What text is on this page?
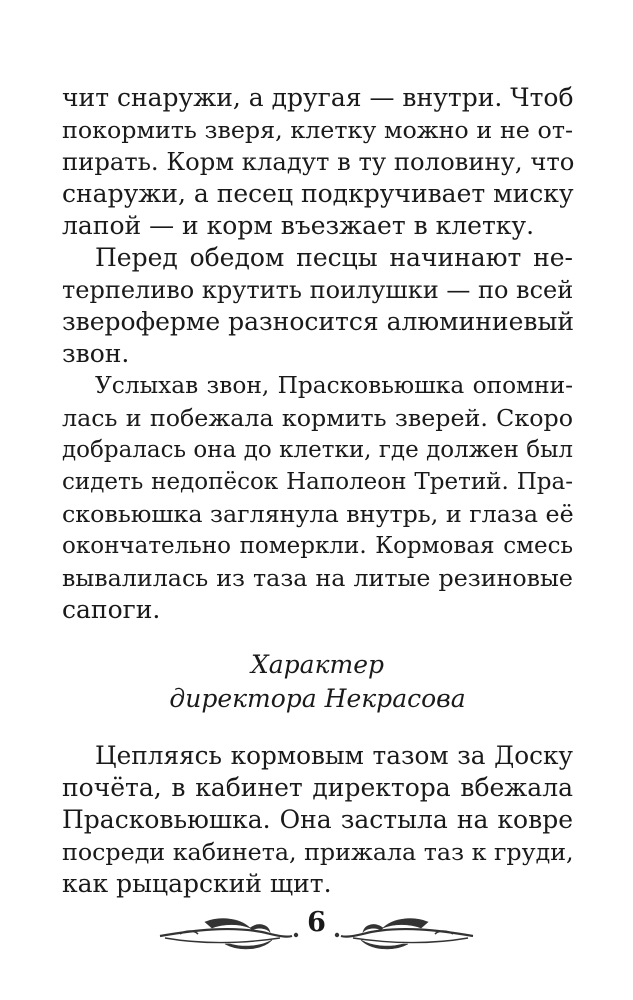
чит снаружи, а другая — внутри. Чтоб
покормить зверя, клетку можно и не от-
пирать. Корм кладут в ту половину, что
снаружи, а песец подкручивает миску
лапой — и корм въезжает в клетку.
Перед обедом песцы начинают не-
терпеливо крутить поилушки — по всей
звероферме разносится алюминиевый
звон.
Услыхав звон, Прасковьюшка опомни-
лась и побежала кормить зверей. Скоро
добралась она до клетки, где должен был
сидеть недопёсок Наполеон Третий. Пра-
сковьюшка заглянула внутрь, и глаза её
окончательно померкли. Кормовая смесь
вывалилась из таза на литые резиновые
сапоги.
Характер
директора Некрасова
Цепляясь кормовым тазом за Доску
почёта, в кабинет директора вбежала
Прасковьюшка. Она застыла на ковре
посреди кабинета, прижала таз к груди,
как рыцарский щит.
6
